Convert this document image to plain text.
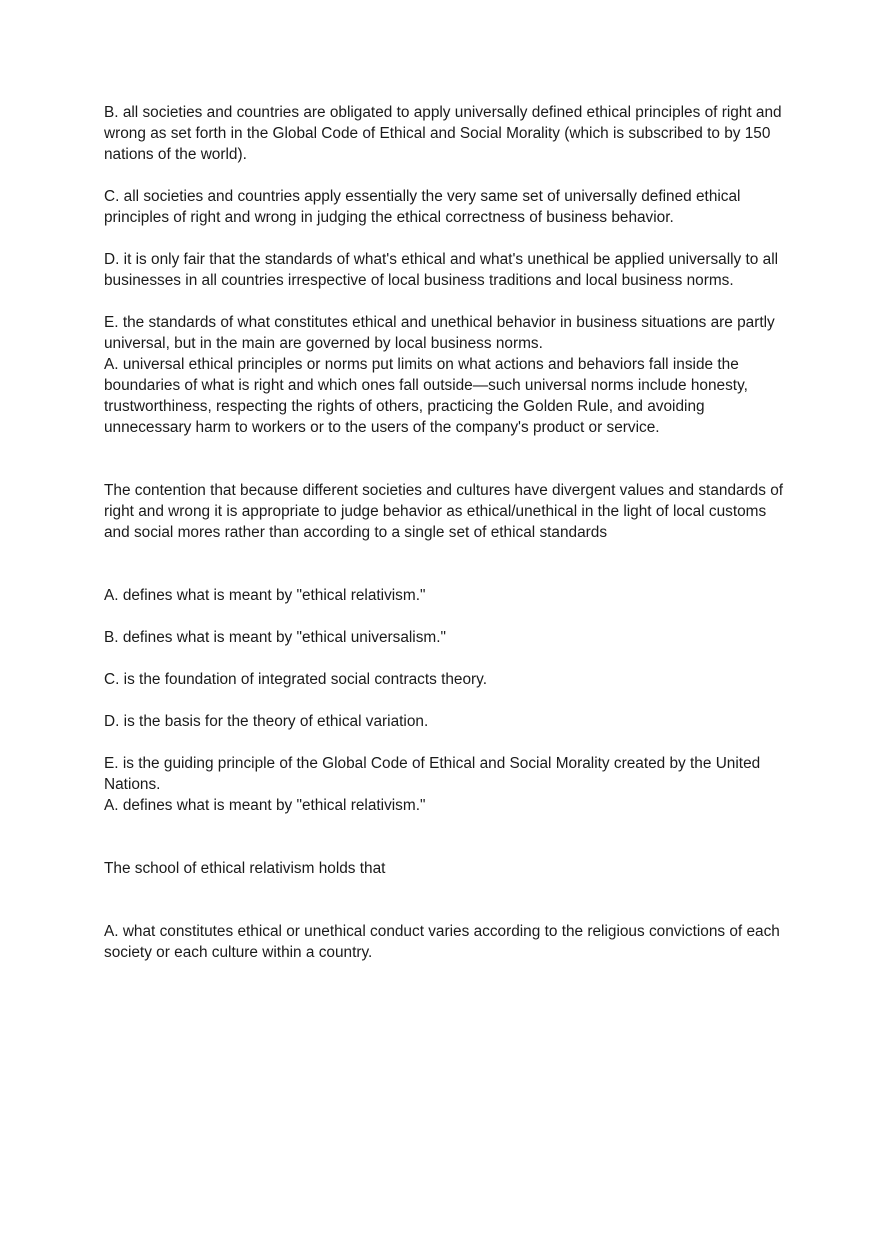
B. all societies and countries are obligated to apply universally defined ethical principles of right and wrong as set forth in the Global Code of Ethical and Social Morality (which is subscribed to by 150 nations of the world).

C. all societies and countries apply essentially the very same set of universally defined ethical principles of right and wrong in judging the ethical correctness of business behavior.

D. it is only fair that the standards of what's ethical and what's unethical be applied universally to all businesses in all countries irrespective of local business traditions and local business norms.

E. the standards of what constitutes ethical and unethical behavior in business situations are partly universal, but in the main are governed by local business norms.

A. universal ethical principles or norms put limits on what actions and behaviors fall inside the boundaries of what is right and which ones fall outside—such universal norms include honesty, trustworthiness, respecting the rights of others, practicing the Golden Rule, and avoiding unnecessary harm to workers or to the users of the company's product or service.

The contention that because different societies and cultures have divergent values and standards of right and wrong it is appropriate to judge behavior as ethical/unethical in the light of local customs and social mores rather than according to a single set of ethical standards

A. defines what is meant by "ethical relativism."

B. defines what is meant by "ethical universalism."

C. is the foundation of integrated social contracts theory.

D. is the basis for the theory of ethical variation.

E. is the guiding principle of the Global Code of Ethical and Social Morality created by the United Nations.

A. defines what is meant by "ethical relativism."

The school of ethical relativism holds that

A. what constitutes ethical or unethical conduct varies according to the religious convictions of each society or each culture within a country.
